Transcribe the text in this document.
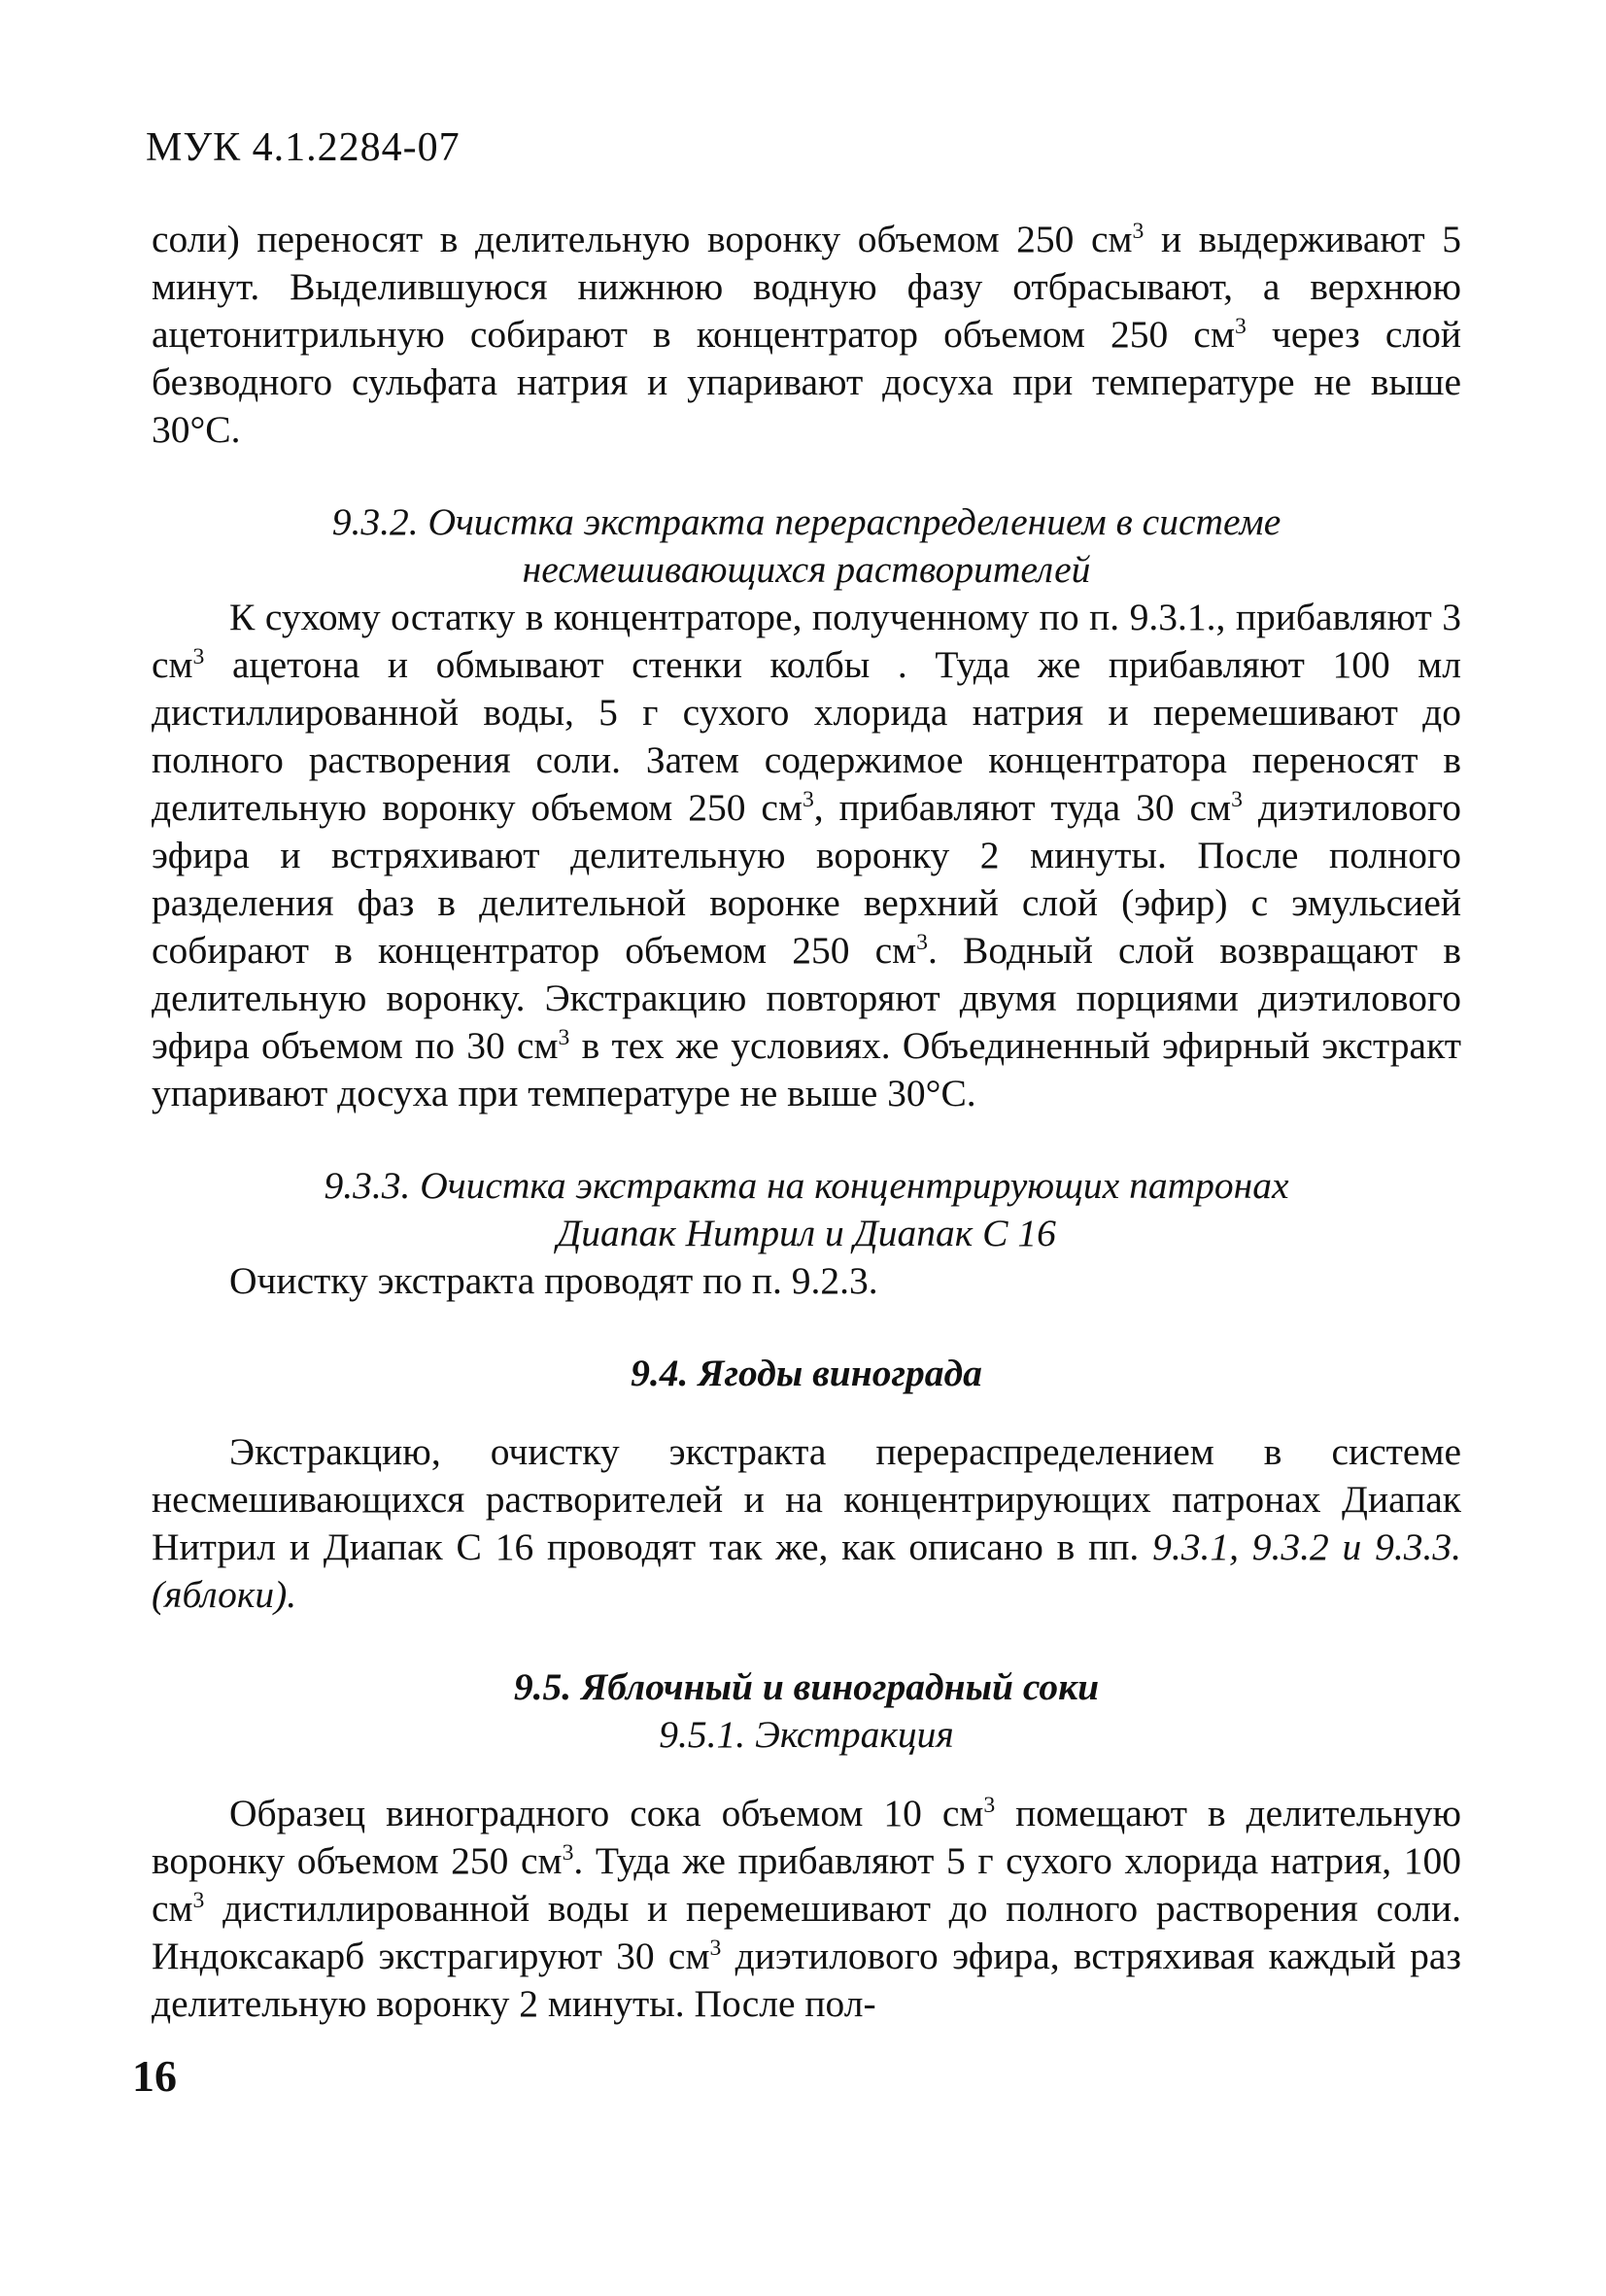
МУК 4.1.2284-07

соли) переносят в делительную воронку объемом 250 $см^3$ и выдерживают 5 минут. Выделившуюся нижнюю водную фазу отбрасывают, а верхнюю ацетонитрильную собирают в концентратор объемом 250 $см^3$ через слой безводного сульфата натрия и упаривают досуха при температуре не выше 30°С.

9.3.2. Очистка экстракта перераспределением в системе
несмешивающихся растворителей

К сухому остатку в концентраторе, полученному по п. 9.3.1., прибавляют 3 $см^3$ ацетона и обмывают стенки колбы . Туда же прибавляют 100 мл дистиллированной воды, 5 г сухого хлорида натрия и перемешивают до полного растворения соли. Затем содержимое концентратора переносят в делительную воронку объемом 250 $см^3$, прибавляют туда 30 $см^3$ диэтилового эфира и встряхивают делительную воронку 2 минуты. После полного разделения фаз в делительной воронке верхний слой (эфир) с эмульсией собирают в концентратор объемом 250 $см^3$. Водный слой возвращают в делительную воронку. Экстракцию повторяют двумя порциями диэтилового эфира объемом по 30 $см^3$ в тех же условиях. Объединенный эфирный экстракт упаривают досуха при температуре не выше 30°С.

9.3.3. Очистка экстракта на концентрирующих патронах
Диапак Нитрил и Диапак С 16

Очистку экстракта проводят по п. 9.2.3.

9.4. Ягоды винограда

Экстракцию, очистку экстракта перераспределением в системе несмешивающихся растворителей и на концентрирующих патронах Диапак Нитрил и Диапак С 16 проводят так же, как описано в пп. 9.3.1, 9.3.2 и 9.3.3.(яблоки).

9.5. Яблочный и виноградный соки
9.5.1. Экстракция

Образец виноградного сока объемом 10 $см^3$ помещают в делительную воронку объемом 250 $см^3$. Туда же прибавляют 5 г сухого хлорида натрия, 100 $см^3$ дистиллированной воды и перемешивают до полного растворения соли. Индоксакарб экстрагируют 30 $см^3$ диэтилового эфира, встряхивая каждый раз делительную воронку 2 минуты. После пол-

16
